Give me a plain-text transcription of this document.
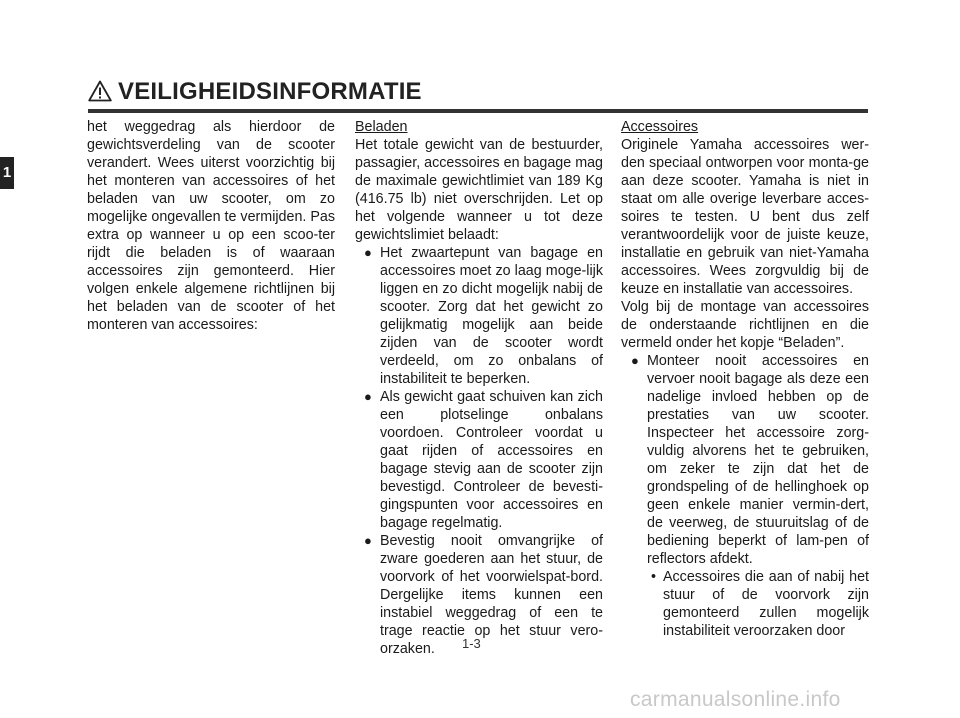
VEILIGHEIDSINFORMATIE
1

het weggedrag als hierdoor de gewichtsverdeling van de scooter verandert. Wees uiterst voorzichtig bij het monteren van accessoires of het beladen van uw scooter, om zo mogelijke ongevallen te vermijden. Pas extra op wanneer u op een scoo-ter rijdt die beladen is of waaraan accessoires zijn gemonteerd. Hier volgen enkele algemene richtlijnen bij het beladen van de scooter of het monteren van accessoires:

Beladen

Het totale gewicht van de bestuurder, passagier, accessoires en bagage mag de maximale gewichtlimiet van 189 Kg (416.75 lb) niet overschrijden. Let op het volgende wanneer u tot deze gewichtslimiet belaadt:

● Het zwaartepunt van bagage en accessoires moet zo laag moge-lijk liggen en zo dicht mogelijk nabij de scooter. Zorg dat het gewicht zo gelijkmatig mogelijk aan beide zijden van de scooter wordt verdeeld, om zo onbalans of instabiliteit te beperken.
● Als gewicht gaat schuiven kan zich een plotselinge onbalans voordoen. Controleer voordat u gaat rijden of accessoires en bagage stevig aan de scooter zijn bevestigd. Controleer de bevesti-gingspunten voor accessoires en bagage regelmatig.
● Bevestig nooit omvangrijke of zware goederen aan het stuur, de voorvork of het voorwielspat-bord. Dergelijke items kunnen een instabiel weggedrag of een te trage reactie op het stuur vero-orzaken.

Accessoires

Originele Yamaha accessoires wer-den speciaal ontworpen voor monta-ge aan deze scooter. Yamaha is niet in staat om alle overige leverbare acces-soires te testen. U bent dus zelf verantwoordelijk voor de juiste keuze, installatie en gebruik van niet-Yamaha accessoires. Wees zorgvuldig bij de keuze en installatie van accessoires.

Volg bij de montage van accessoires de onderstaande richtlijnen en die vermeld onder het kopje “Beladen”.

● Monteer nooit accessoires en vervoer nooit bagage als deze een nadelige invloed hebben op de prestaties van uw scooter. Inspecteer het accessoire zorg-vuldig alvorens het te gebruiken, om zeker te zijn dat het de grondspeling of de hellinghoek op geen enkele manier vermin-dert, de veerweg, de stuuruitslag of de bediening beperkt of lam-pen of reflectors afdekt.
• Accessoires die aan of nabij het stuur of de voorvork zijn gemonteerd zullen mogelijk instabiliteit veroorzaken door
1-3
carmanualsonline.info
